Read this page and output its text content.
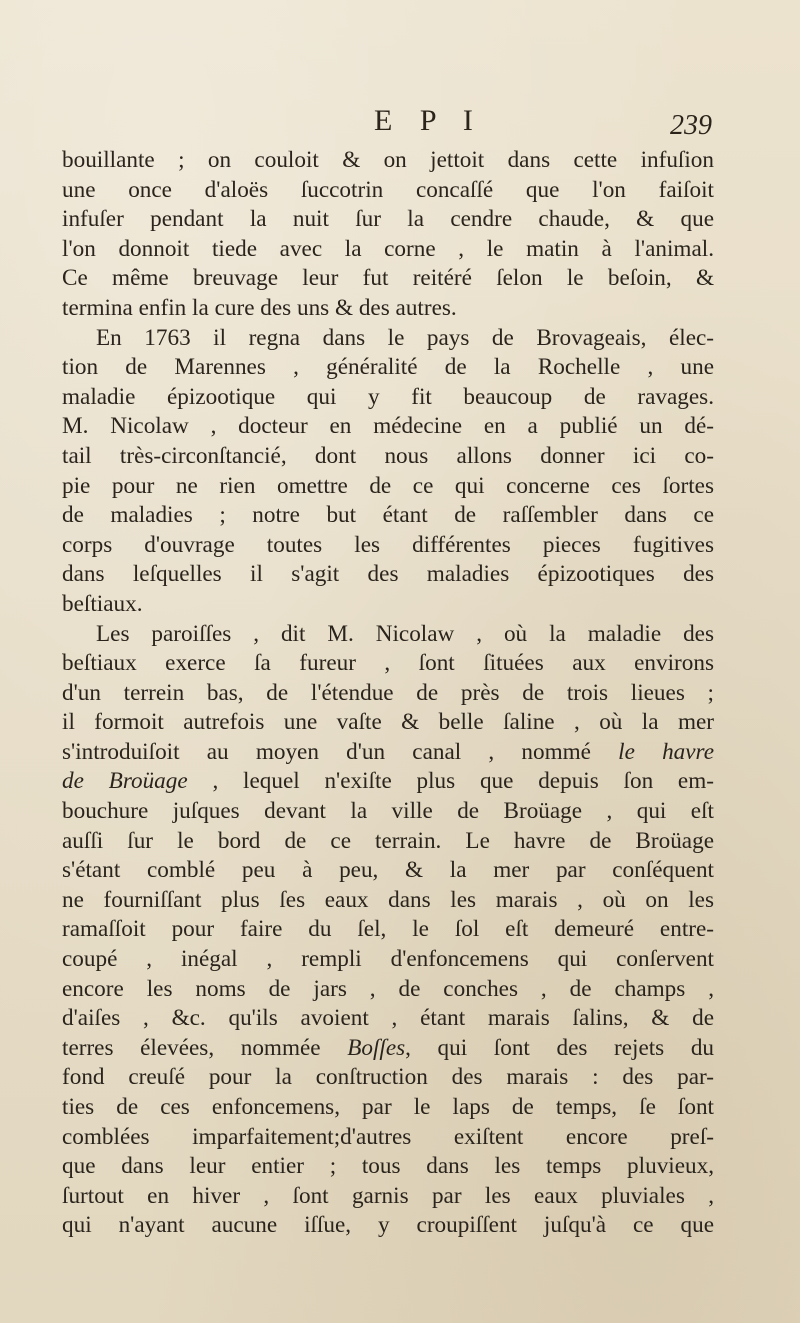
E P I	239
bouillante ; on couloit & on jettoit dans cette infuſion
une once d'aloës ſuccotrin concaſſé que l'on faiſoit
infuſer pendant la nuit ſur la cendre chaude, & que
l'on donnoit tiede avec la corne , le matin à l'animal.
Ce même breuvage leur fut reitéré ſelon le beſoin, &
termina enfin la cure des uns & des autres.
En 1763 il regna dans le pays de Brovageais, élec-
tion de Marennes , généralité de la Rochelle , une
maladie épizootique qui y fit beaucoup de ravages.
M. Nicolaw , docteur en médecine en a publié un dé-
tail très-circonſtancié, dont nous allons donner ici co-
pie pour ne rien omettre de ce qui concerne ces ſortes
de maladies ; notre but étant de raſſembler dans ce
corps d'ouvrage toutes les différentes pieces fugitives
dans leſquelles il s'agit des maladies épizootiques des
beſtiaux.
Les paroiſſes , dit M. Nicolaw , où la maladie des
beſtiaux exerce ſa fureur , ſont ſituées aux environs
d'un terrein bas, de l'étendue de près de trois lieues ;
il formoit autrefois une vaſte & belle ſaline , où la mer
s'introduiſoit au moyen d'un canal , nommé le havre
de Broüage , lequel n'exiſte plus que depuis ſon em-
bouchure juſques devant la ville de Broüage , qui eſt
auſſi ſur le bord de ce terrain. Le havre de Broüage
s'étant comblé peu à peu, & la mer par conſéquent
ne fourniſſant plus ſes eaux dans les marais , où on les
ramaſſoit pour faire du ſel, le ſol eſt demeuré entre-
coupé , inégal , rempli d'enfoncemens qui conſervent
encore les noms de jars , de conches , de champs ,
d'aiſes , &c. qu'ils avoient , étant marais ſalins, & de
terres élevées, nommée Boſſes, qui ſont des rejets du
fond creuſé pour la conſtruction des marais : des par-
ties de ces enfoncemens, par le laps de temps, ſe ſont
comblées imparfaitement;d'autres exiſtent encore preſ-
que dans leur entier ; tous dans les temps pluvieux,
ſurtout en hiver , ſont garnis par les eaux pluviales ,
qui n'ayant aucune iſſue, y croupiſſent juſqu'à ce que
